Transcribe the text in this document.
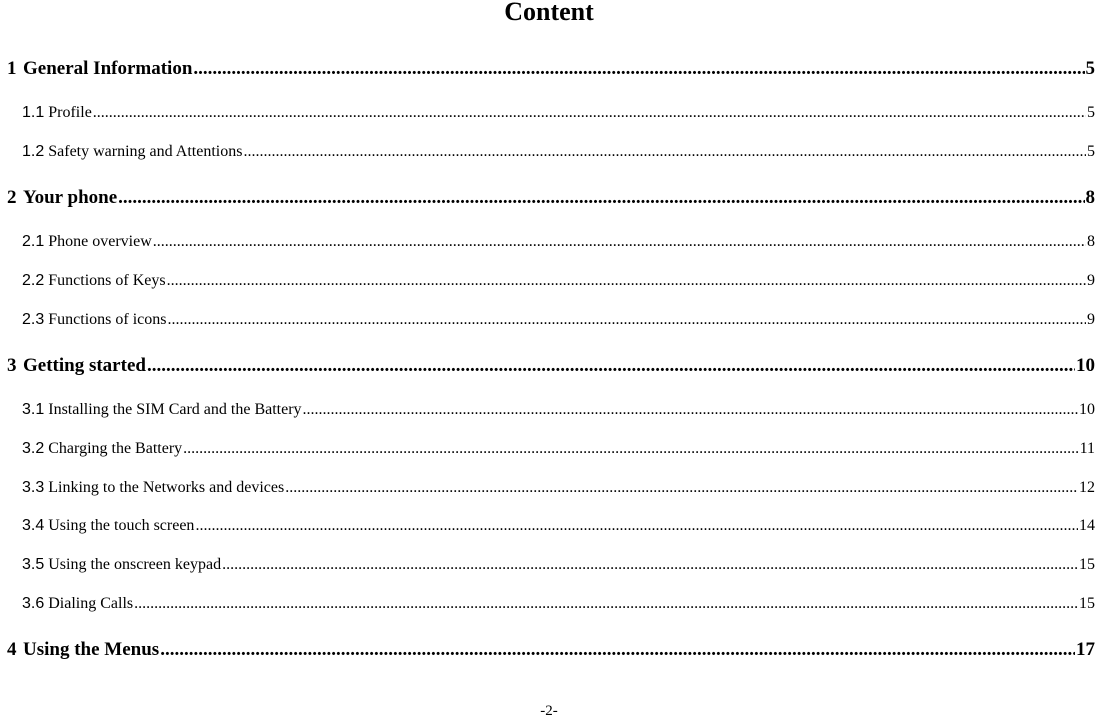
Content
1 General Information .....	5
1.1 Profile .....	5
1.2 Safety warning and Attentions .....	5
2 Your phone .....	8
2.1 Phone overview .....	8
2.2 Functions of Keys .....	9
2.3 Functions of icons .....	9
3 Getting started .....	10
3.1 Installing the SIM Card and the Battery .....	10
3.2 Charging the Battery .....	11
3.3 Linking to the Networks and devices .....	12
3.4 Using the touch screen .....	14
3.5 Using the onscreen keypad .....	15
3.6 Dialing Calls .....	15
4 Using the Menus .....	17
-2-
